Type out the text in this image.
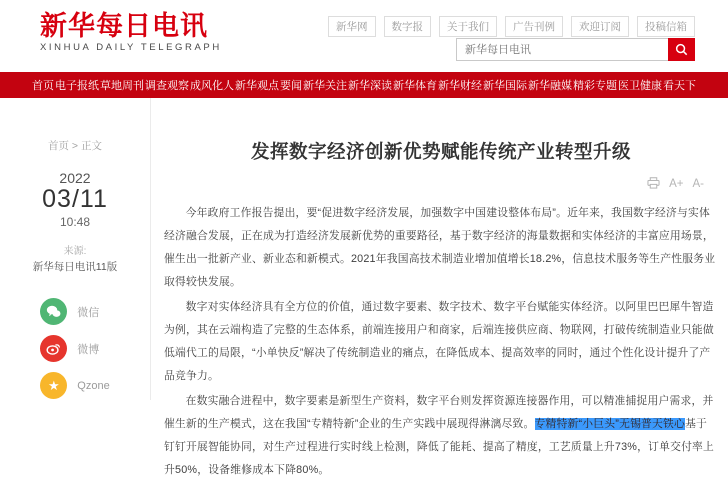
新华每日电讯
XINHUA DAILY TELEGRAPH
新华网	数字报	关于我们	广告刊例	欢迎订阅	投稿信箱
新华每日电讯
首页 电子报纸 草地周刊 调查观察 成风化人 新华观点 要闻 新华关注 新华深读 新华体育 新华财经 新华国际 新华融媒 精彩专题 医卫健康 看天下
首页 > 正文
2022
03/11
10:48
来源:
新华每日电讯11版
微信
微博
★	Qzone
发挥数字经济创新优势赋能传统产业转型升级
A+ A-

今年政府工作报告提出，要“促进数字经济发展，加强数字中国建设整体布局”。近年来，我国数字经济与实体经济融合发展，正在成为打造经济发展新优势的重要路径，基于数字经济的海量数据和实体经济的丰富应用场景，催生出一批新产业、新业态和新模式。2021年我国高技术制造业增加值增长18.2%，信息技术服务等生产性服务业取得较快发展。

数字对实体经济具有全方位的价值，通过数字要素、数字技术、数字平台赋能实体经济。以阿里巴巴犀牛智造为例，其在云端构造了完整的生态体系，前端连接用户和商家，后端连接供应商、物联网，打破传统制造业只能做低端代工的局限，“小单快反”解决了传统制造业的痛点，在降低成本、提高效率的同时，通过个性化设计提升了产品竞争力。

在数实融合进程中，数字要素是新型生产资料，数字平台则发挥资源连接器作用，可以精准捕捉用户需求，并催生新的生产模式，这在我国“专精特新”企业的生产实践中展现得淋漓尽致。专精特新“小巨头”无锡普天铁心基于钉钉开展智能协同，对生产过程进行实时线上检测，降低了能耗、提高了精度，工艺质量上升73%，订单交付率上升50%，设备维修成本下降80%。
